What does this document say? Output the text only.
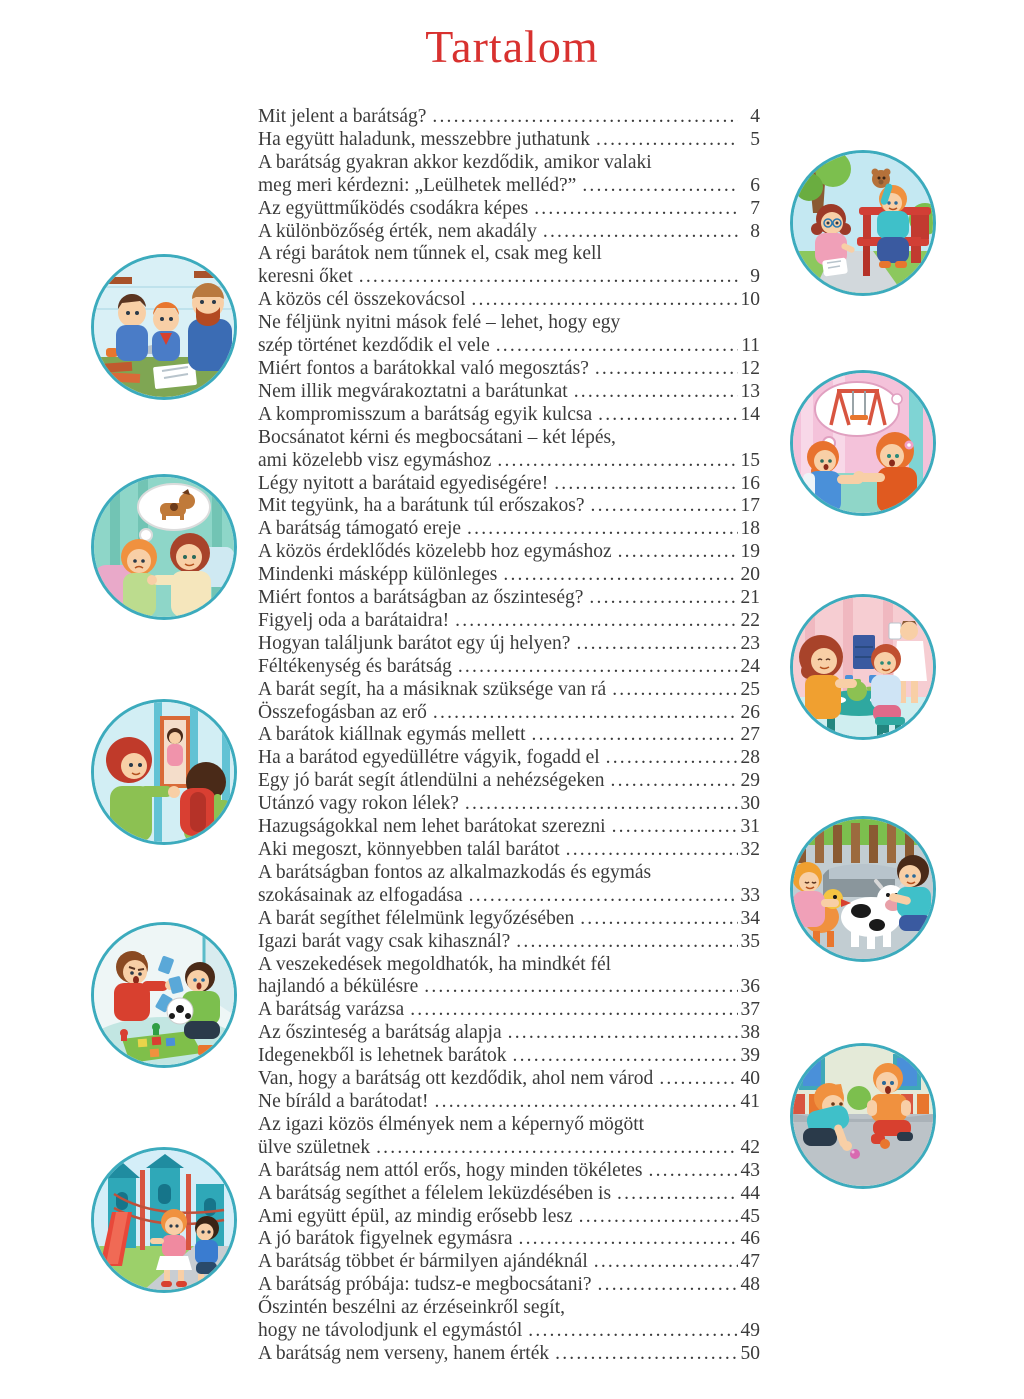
Tartalom
Mit jelent a barátság? .....	4
Ha együtt haladunk, messzebbre juthatunk .....	5
A barátság gyakran akkor kezdődik, amikor valaki
meg meri kérdezni: „Leülhetek melléd?” .....	6
Az együttműködés csodákra képes .....	7
A különbözőség érték, nem akadály .....	8
A régi barátok nem tűnnek el, csak meg kell
keresni őket .....	9
A közös cél összekovácsol .....	10
Ne féljünk nyitni mások felé – lehet, hogy egy
szép történet kezdődik el vele .....	11
Miért fontos a barátokkal való megosztás? .....	12
Nem illik megvárakoztatni a barátunkat .....	13
A kompromisszum a barátság egyik kulcsa .....	14
Bocsánatot kérni és megbocsátani – két lépés,
ami közelebb visz egymáshoz .....	15
Légy nyitott a barátaid egyediségére! .....	16
Mit tegyünk, ha a barátunk túl erőszakos? .....	17
A barátság támogató ereje .....	18
A közös érdeklődés közelebb hoz egymáshoz .....	19
Mindenki másképp különleges .....	20
Miért fontos a barátságban az őszinteség? .....	21
Figyelj oda a barátaidra! .....	22
Hogyan találjunk barátot egy új helyen? .....	23
Féltékenység és barátság .....	24
A barát segít, ha a másiknak szüksége van rá .....	25
Összefogásban az erő .....	26
A barátok kiállnak egymás mellett .....	27
Ha a barátod egyedüllétre vágyik, fogadd el .....	28
Egy jó barát segít átlendülni a nehézségeken .....	29
Utánzó vagy rokon lélek? .....	30
Hazugságokkal nem lehet barátokat szerezni .....	31
Aki megoszt, könnyebben talál barátot .....	32
A barátságban fontos az alkalmazkodás és egymás
szokásainak az elfogadása .....	33
A barát segíthet félelmünk legyőzésében .....	34
Igazi barát vagy csak kihasznál? .....	35
A veszekedések megoldhatók, ha mindkét fél
hajlandó a békülésre .....	36
A barátság varázsa .....	37
Az őszinteség a barátság alapja .....	38
Idegenekből is lehetnek barátok .....	39
Van, hogy a barátság ott kezdődik, ahol nem várod .....	40
Ne bíráld a barátodat! .....	41
Az igazi közös élmények nem a képernyő mögött
ülve születnek .....	42
A barátság nem attól erős, hogy minden tökéletes .....	43
A barátság segíthet a félelem leküzdésében is .....	44
Ami együtt épül, az mindig erősebb lesz .....	45
A jó barátok figyelnek egymásra .....	46
A barátság többet ér bármilyen ajándéknál .....	47
A barátság próbája: tudsz-e megbocsátani? .....	48
Őszintén beszélni az érzéseinkről segít,
hogy ne távolodjunk el egymástól .....	49
A barátság nem verseny, hanem érték .....	50
